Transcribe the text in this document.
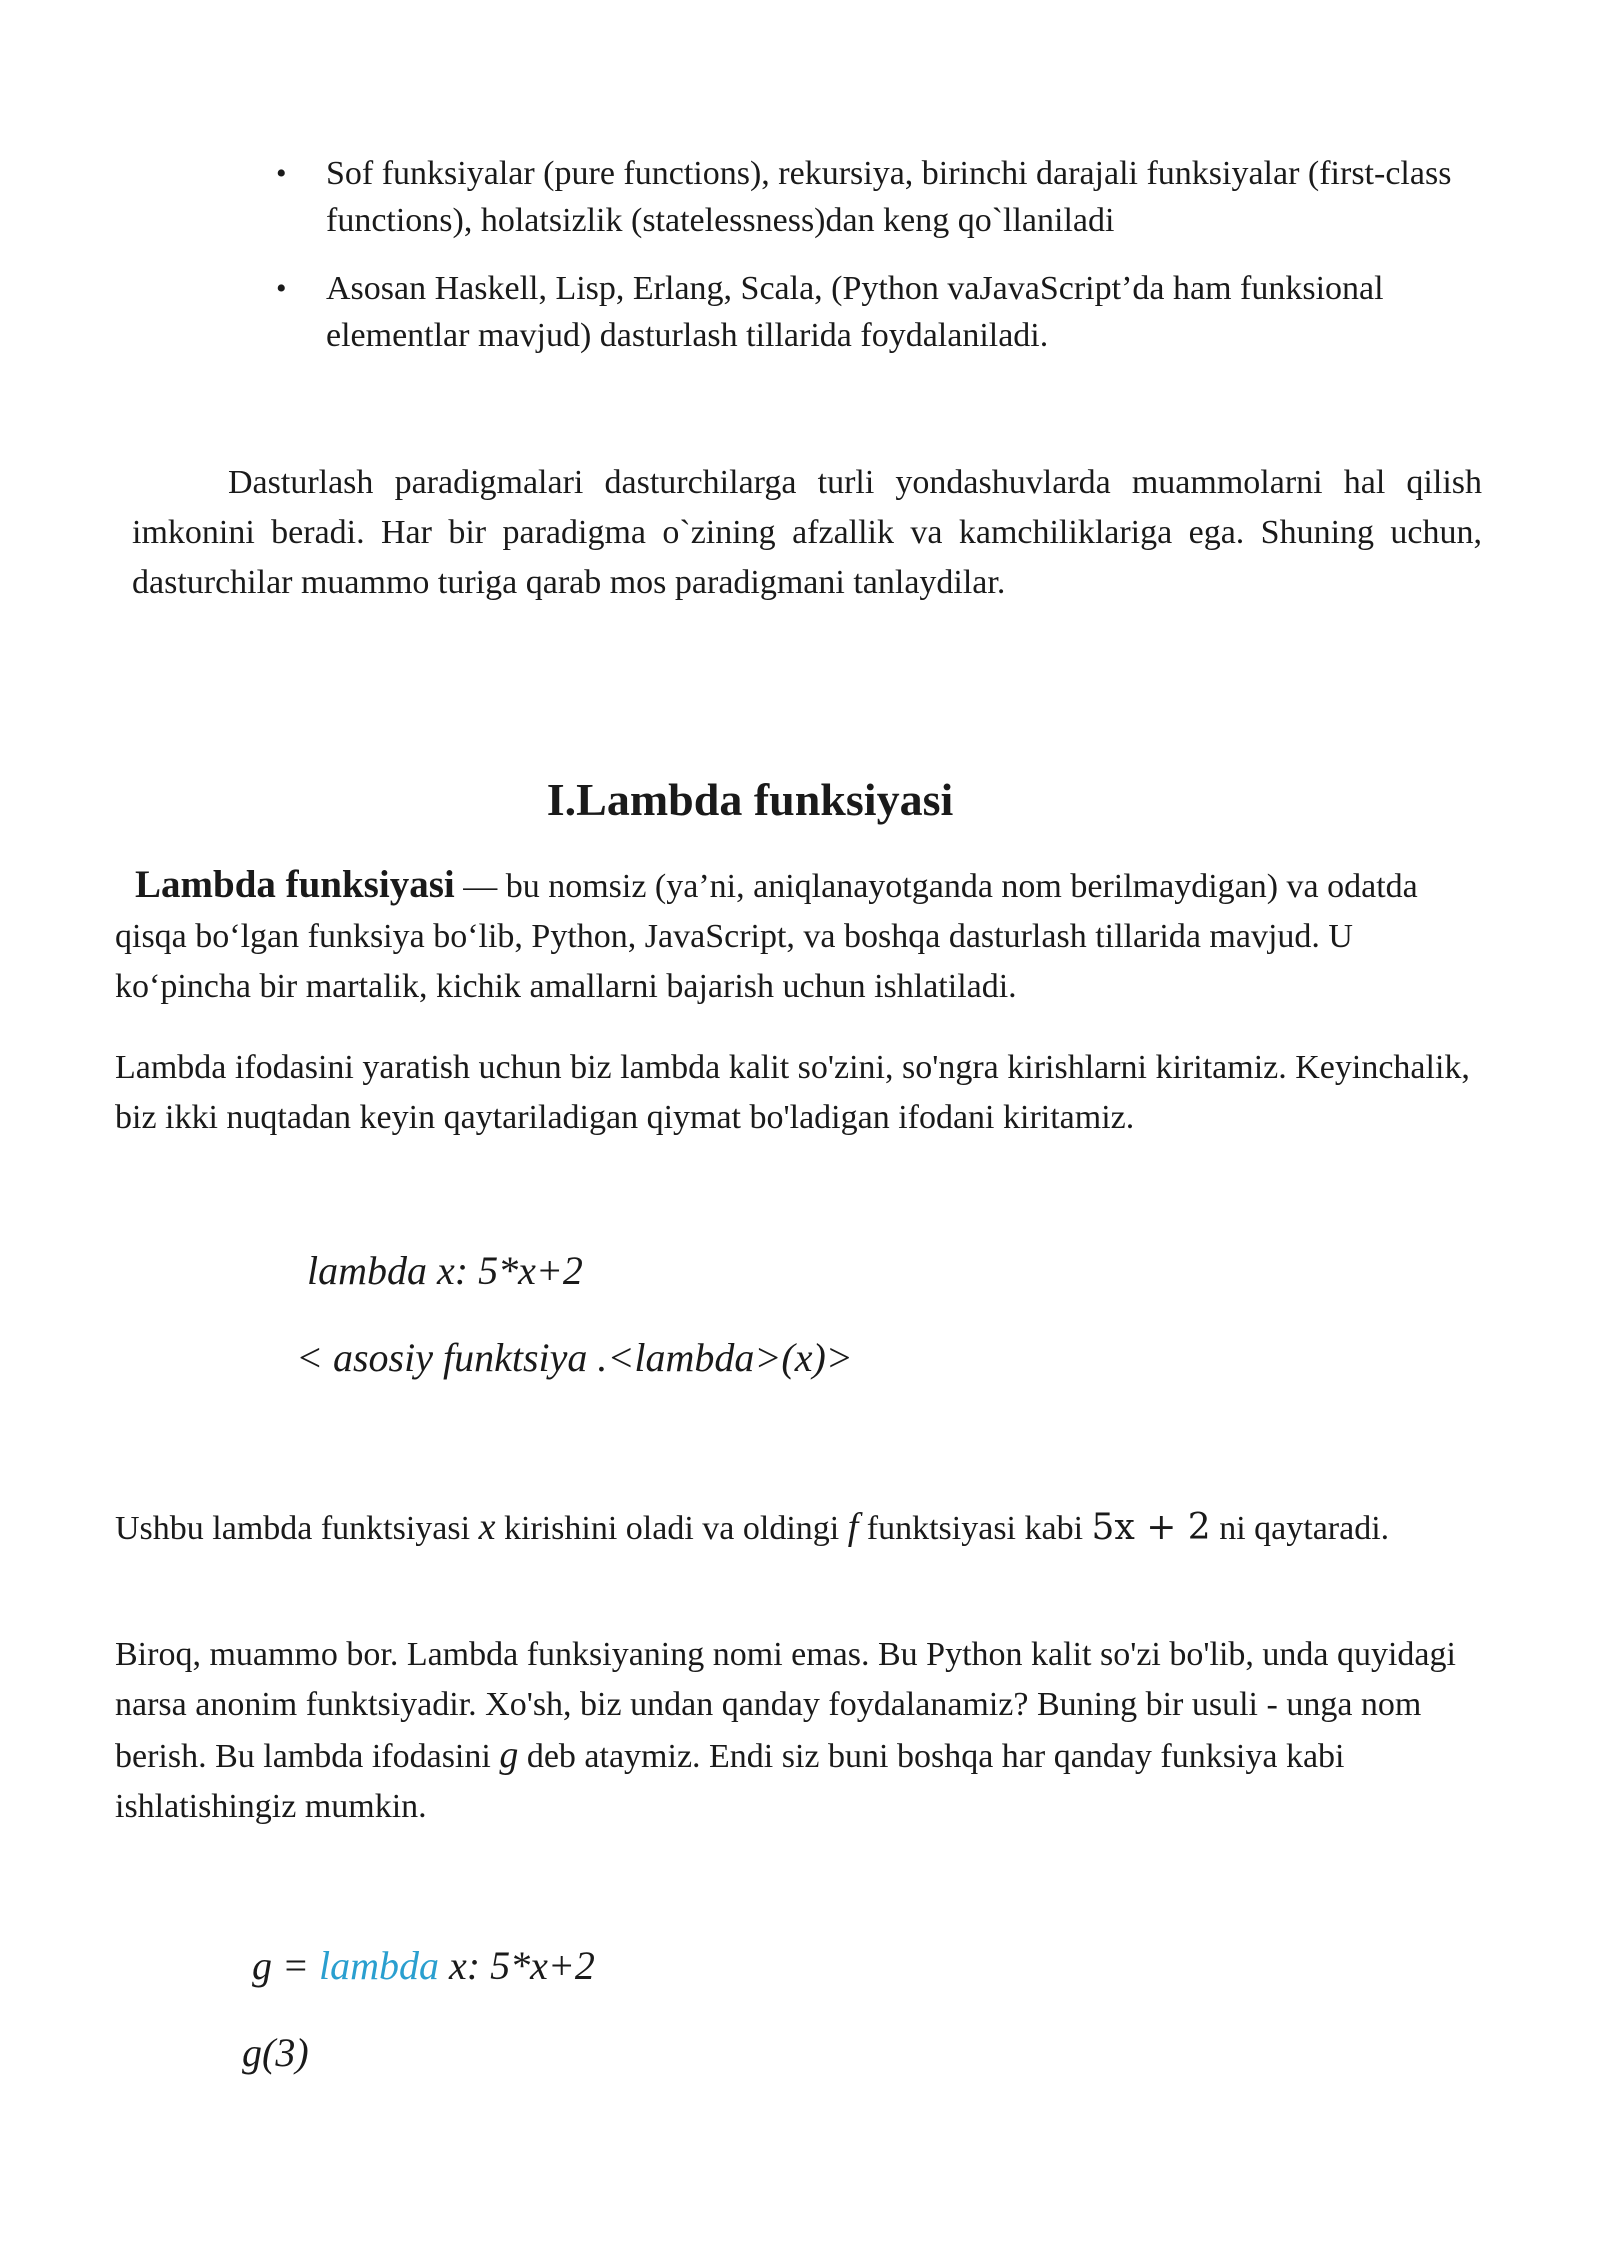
• Sof funksiyalar (pure functions), rekursiya, birinchi darajali funksiyalar (first-class functions), holatsizlik (statelessness)dan keng qo`llaniladi
• Asosan Haskell, Lisp, Erlang, Scala, (Python vaJavaScript’da ham funksional elementlar mavjud) dasturlash tillarida foydalaniladi.

Dasturlash paradigmalari dasturchilarga turli yondashuvlarda muammolarni hal qilish imkonini beradi. Har bir paradigma o`zining afzallik va kamchiliklariga ega. Shuning uchun, dasturchilar muammo turiga qarab mos paradigmani tanlaydilar.

I.Lambda funksiyasi

Lambda funksiyasi — bu nomsiz (ya’ni, aniqlanayotganda nom berilmaydigan) va odatda qisqa bo‘lgan funksiya bo‘lib, Python, JavaScript, va boshqa dasturlash tillarida mavjud. U ko‘pincha bir martalik, kichik amallarni bajarish uchun ishlatiladi.

Lambda ifodasini yaratish uchun biz lambda kalit so'zini, so'ngra kirishlarni kiritamiz. Keyinchalik, biz ikki nuqtadan keyin qaytariladigan qiymat bo'ladigan ifodani kiritamiz.

lambda x: 5*x+2

< asosiy funktsiya .<lambda>(x)>

Ushbu lambda funktsiyasi x kirishini oladi va oldingi f funktsiyasi kabi 5x + 2 ni qaytaradi.

Biroq, muammo bor. Lambda funksiyaning nomi emas. Bu Python kalit so'zi bo'lib, unda quyidagi narsa anonim funktsiyadir. Xo'sh, biz undan qanday foydalanamiz? Buning bir usuli - unga nom berish. Bu lambda ifodasini g deb ataymiz. Endi siz buni boshqa har qanday funksiya kabi ishlatishingiz mumkin.

g = lambda x: 5*x+2

g(3)
